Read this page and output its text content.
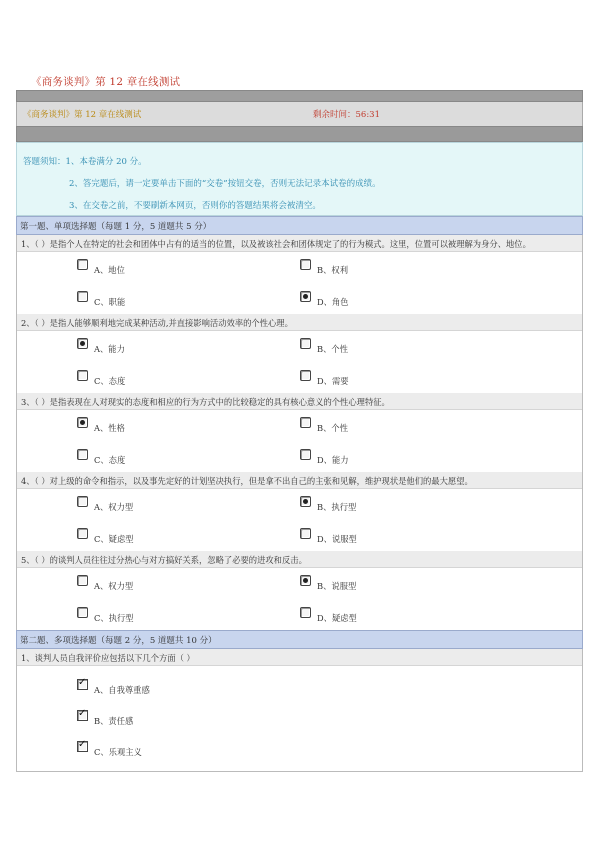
《商务谈判》第 12 章在线测试
《商务谈判》第 12 章在线测试	剩余时间：56:31
答题须知：1、本卷满分 20 分。
2、答完题后，请一定要单击下面的“交卷”按钮交卷，否则无法记录本试卷的成绩。
3、在交卷之前，不要刷新本网页，否则你的答题结果将会被清空。
第一题、单项选择题（每题 1 分，5 道题共 5 分）
1、（ ）是指个人在特定的社会和团体中占有的适当的位置，以及被该社会和团体规定了的行为模式。这里，位置可以被理解为身分、地位。
A、地位	B、权利
C、职能	D、角色
2、（ ）是指人能够顺利地完成某种活动,并直接影响活动效率的个性心理。
A、能力	B、个性
C、态度	D、需要
3、（ ）是指表现在人对现实的态度和相应的行为方式中的比较稳定的具有核心意义的个性心理特征。
A、性格	B、个性
C、态度	D、能力
4、（ ）对上级的命令和指示，以及事先定好的计划坚决执行，但是拿不出自己的主张和见解，维护现状是他们的最大愿望。
A、权力型	B、执行型
C、疑虑型	D、说服型
5、（ ）的谈判人员往往过分热心与对方搞好关系，忽略了必要的进攻和反击。
A、权力型	B、说服型
C、执行型	D、疑虑型
第二题、多项选择题（每题 2 分，5 道题共 10 分）
1、谈判人员自我评价应包括以下几个方面（ ）
✓
A、自我尊重感
✓
B、责任感
✓
C、乐观主义
